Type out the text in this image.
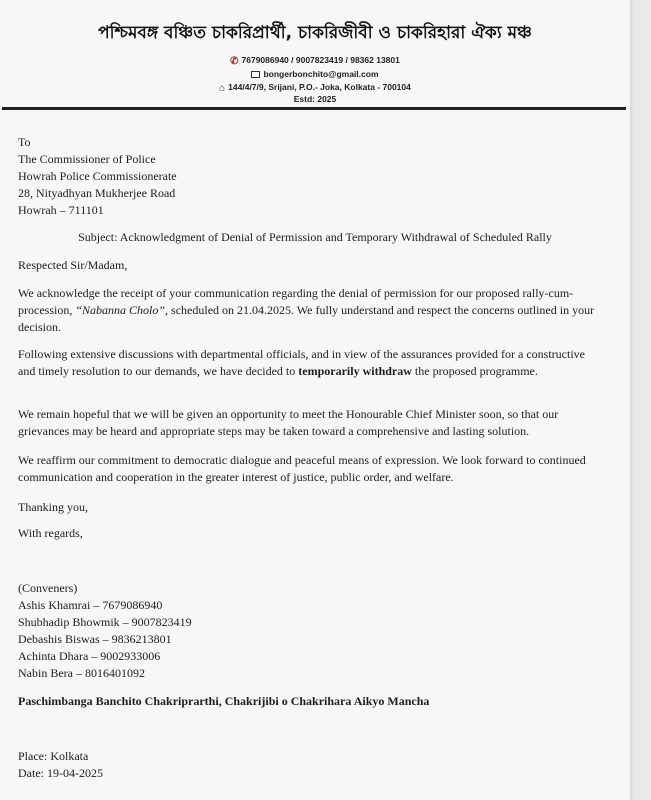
পশ্চিমবঙ্গ বঞ্চিত চাকরিপ্রার্থী, চাকরিজীবী ও চাকরিহারা ঐক্য মঞ্চ
✆ 7679086940 / 9007823419 / 98362 13801
bongerbonchito@gmail.com
⌂ 144/4/7/9, Srijani, P.O.- Joka, Kolkata - 700104
Estd: 2025
To
The Commissioner of Police
Howrah Police Commissionerate
28, Nityadhyan Mukherjee Road
Howrah – 711101
Subject: Acknowledgment of Denial of Permission and Temporary Withdrawal of Scheduled Rally
Respected Sir/Madam,
We acknowledge the receipt of your communication regarding the denial of permission for our proposed rally-cum-procession, “Nabanna Cholo”, scheduled on 21.04.2025. We fully understand and respect the concerns outlined in your decision.
Following extensive discussions with departmental officials, and in view of the assurances provided for a constructive and timely resolution to our demands, we have decided to temporarily withdraw the proposed programme.
We remain hopeful that we will be given an opportunity to meet the Honourable Chief Minister soon, so that our grievances may be heard and appropriate steps may be taken toward a comprehensive and lasting solution.
We reaffirm our commitment to democratic dialogue and peaceful means of expression. We look forward to continued communication and cooperation in the greater interest of justice, public order, and welfare.
Thanking you,
With regards,
(Conveners)
Ashis Khamrai – 7679086940
Shubhadip Bhowmik – 9007823419
Debashis Biswas – 9836213801
Achinta Dhara – 9002933006
Nabin Bera – 8016401092
Paschimbanga Banchito Chakriprarthi, Chakrijibi o Chakrihara Aikyo Mancha
Place: Kolkata
Date: 19-04-2025
